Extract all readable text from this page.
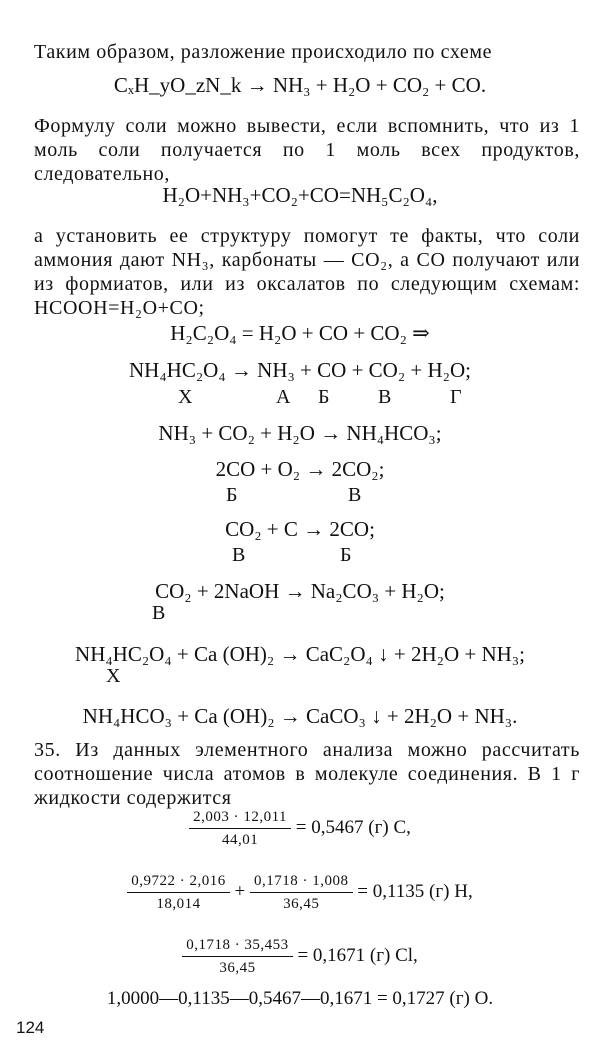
Таким образом, разложение происходило по схеме
CₓH_yO_zN_k → NH₃ + H₂O + CO₂ + CO.
Формулу соли можно вывести, если вспомнить, что из 1 моль соли получается по 1 моль всех продуктов, следовательно,
H₂O+NH₃+CO₂+CO=NH₅C₂O₄,
а установить ее структуру помогут те факты, что соли аммония дают NH₃, карбонаты — CO₂, а CO получают или из формиатов, или из оксалатов по следующим схемам: HCOOH=H₂O+CO;
H₂C₂O₄ = H₂O + CO + CO₂ ⇒
NH₄HC₂O₄ → NH₃ + CO + CO₂ + H₂O;
Х	А Б В	Г
NH₃ + CO₂ + H₂O → NH₄HCO₃;
2CO + O₂ → 2CO₂;
Б	В
CO₂ + C → 2CO;
В	Б
CO₂ + 2NaOH → Na₂CO₃ + H₂O;
В
NH₄HC₂O₄ + Ca (OH)₂ → CaC₂O₄ ↓ + 2H₂O + NH₃;
Х
NH₄HCO₃ + Ca (OH)₂ → CaCO₃ ↓ + 2H₂O + NH₃.
35. Из данных элементного анализа можно рассчитать соотношение числа атомов в молекуле соединения. В 1 г жидкости содержится
$\frac{2,003 \cdot 12,011}{44,01} = 0,5467$ (г) C,
$\frac{0,9722 \cdot 2,016}{18,014} + \frac{0,1718 \cdot 1,008}{36,45} = 0,1135$ (г) H,
$\frac{0,1718 \cdot 35,453}{36,45} = 0,1671$ (г) Cl,
1,0000—0,1135—0,5467—0,1671 = 0,1727 (г) O.
124
